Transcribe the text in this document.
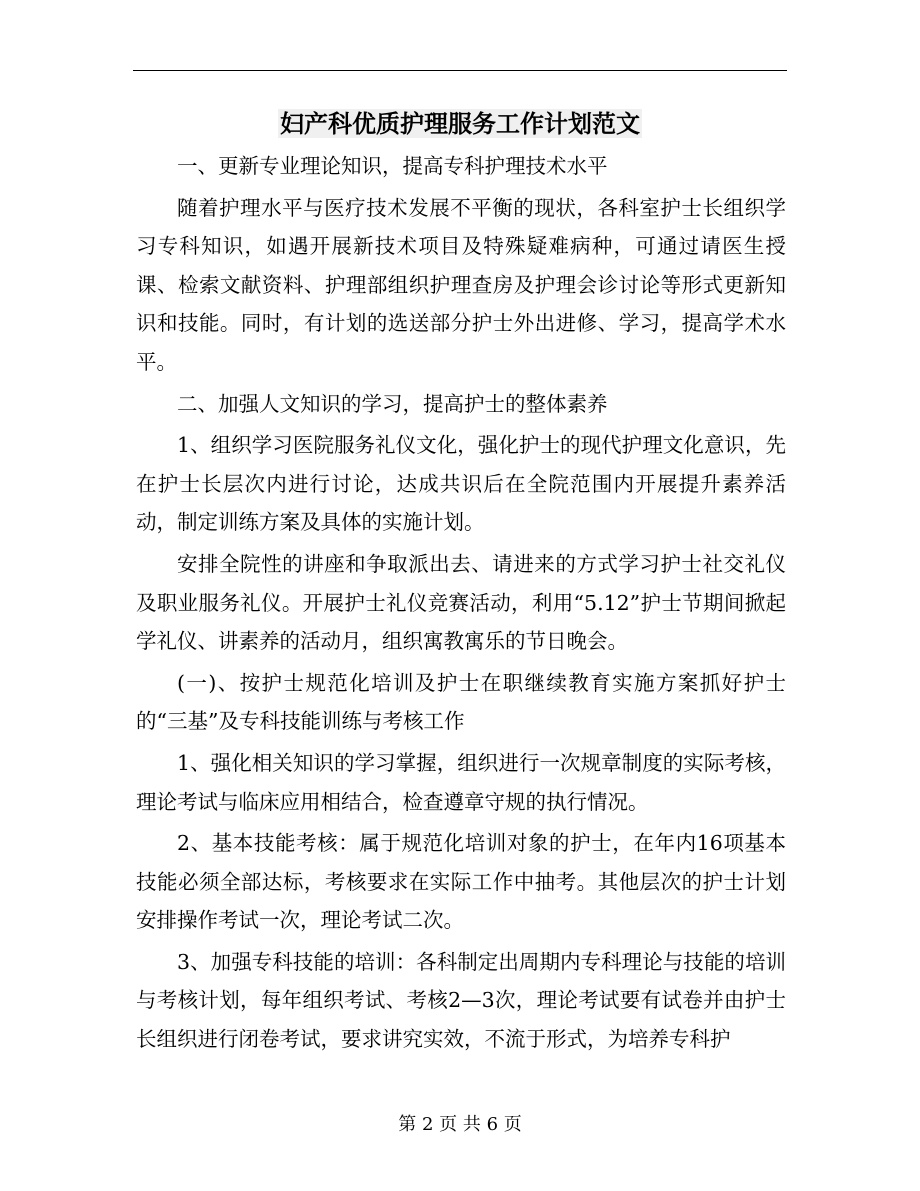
妇产科优质护理服务工作计划范文

一、更新专业理论知识，提高专科护理技术水平

随着护理水平与医疗技术发展不平衡的现状，各科室护士长组织学习专科知识，如遇开展新技术项目及特殊疑难病种，可通过请医生授课、检索文献资料、护理部组织护理查房及护理会诊讨论等形式更新知识和技能。同时，有计划的选送部分护士外出进修、学习，提高学术水平。

二、加强人文知识的学习，提高护士的整体素养

1、组织学习医院服务礼仪文化，强化护士的现代护理文化意识，先在护士长层次内进行讨论，达成共识后在全院范围内开展提升素养活动，制定训练方案及具体的实施计划。

安排全院性的讲座和争取派出去、请进来的方式学习护士社交礼仪及职业服务礼仪。开展护士礼仪竞赛活动，利用“5.12”护士节期间掀起学礼仪、讲素养的活动月，组织寓教寓乐的节日晚会。

(一)、按护士规范化培训及护士在职继续教育实施方案抓好护士的“三基”及专科技能训练与考核工作

1、强化相关知识的学习掌握，组织进行一次规章制度的实际考核，理论考试与临床应用相结合，检查遵章守规的执行情况。

2、基本技能考核：属于规范化培训对象的护士，在年内16项基本技能必须全部达标，考核要求在实际工作中抽考。其他层次的护士计划安排操作考试一次，理论考试二次。

3、加强专科技能的培训：各科制定出周期内专科理论与技能的培训与考核计划，每年组织考试、考核2—3次，理论考试要有试卷并由护士长组织进行闭卷考试，要求讲究实效，不流于形式，为培养专科护

第 2 页 共 6 页
